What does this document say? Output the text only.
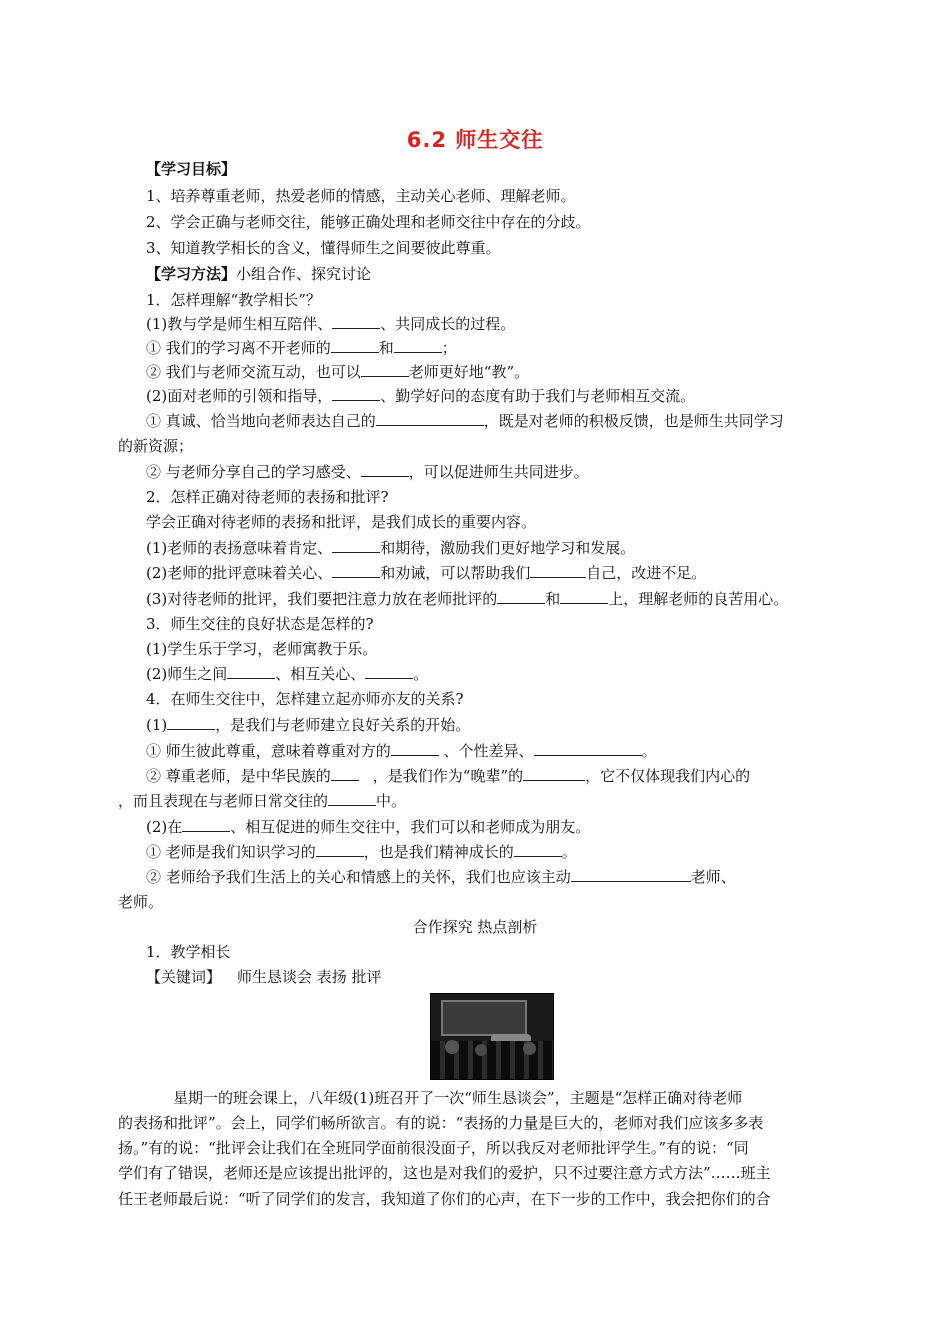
6.2 师生交往
【学习目标】
1、培养尊重老师，热爱老师的情感，主动关心老师、理解老师。
2、学会正确与老师交往，能够正确处理和老师交往中存在的分歧。
3、知道教学相长的含义，懂得师生之间要彼此尊重。
【学习方法】小组合作、探究讨论
1．怎样理解“教学相长”？
(1)教与学是师生相互陪伴、	、共同成长的过程。
① 我们的学习离不开老师的	和	；
② 我们与老师交流互动，也可以	老师更好地“教”。
(2)面对老师的引领和指导，	、勤学好问的态度有助于我们与老师相互交流。
① 真诚、恰当地向老师表达自己的	，既是对老师的积极反馈，也是师生共同学习
的新资源；
② 与老师分享自己的学习感受、	，可以促进师生共同进步。
2．怎样正确对待老师的表扬和批评?
学会正确对待老师的表扬和批评，是我们成长的重要内容。
(1)老师的表扬意味着肯定、	和期待，激励我们更好地学习和发展。
(2)老师的批评意味着关心、	和劝诫，可以帮助我们	自己，改进不足。
(3)对待老师的批评，我们要把注意力放在老师批评的	和	上，理解老师的良苦用心。
3．师生交往的良好状态是怎样的?
(1)学生乐于学习，老师寓教于乐。
(2)师生之间	、相互关心、	。
4．在师生交往中，怎样建立起亦师亦友的关系?
(1)	，是我们与老师建立良好关系的开始。
① 师生彼此尊重，意味着尊重对方的	、个性差异、	。
② 尊重老师，是中华民族的	，是我们作为“晚辈”的	，它不仅体现我们内心的
，而且表现在与老师日常交往的	中。
(2)在	、相互促进的师生交往中，我们可以和老师成为朋友。
① 老师是我们知识学习的	，也是我们精神成长的	。
② 老师给予我们生活上的关心和情感上的关怀，我们也应该主动	老师、
老师。
合作探究 热点剖析
1．教学相长
【关键词】 师生恳谈会 表扬 批评
星期一的班会课上，八年级(1)班召开了一次“师生恳谈会”，主题是“怎样正确对待老师
的表扬和批评”。会上，同学们畅所欲言。有的说：“表扬的力量是巨大的，老师对我们应该多多表
扬。”有的说：“批评会让我们在全班同学面前很没面子，所以我反对老师批评学生。”有的说：“同
学们有了错误，老师还是应该提出批评的，这也是对我们的爱护，只不过要注意方式方法”……班主
任王老师最后说：“听了同学们的发言，我知道了你们的心声，在下一步的工作中，我会把你们的合
